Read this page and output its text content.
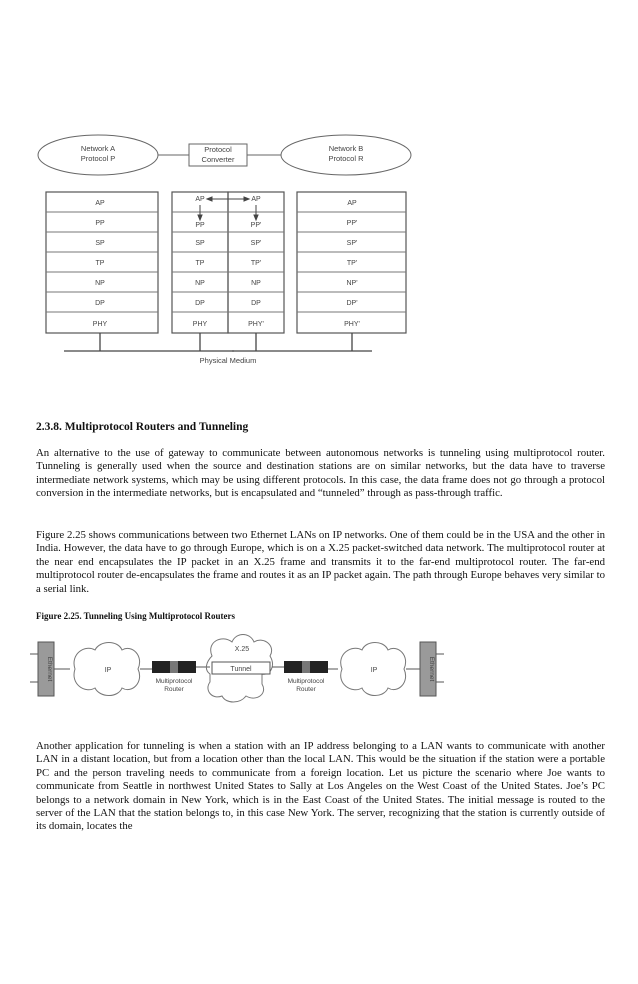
Network A
Protocol P
Protocol
Converter
Network B
Protocol R
AP
PP
SP
TP
NP
DP
PHY
AP
PP
SP
TP
NP
DP
PHY
AP
PP'
SP'
TP'
NP
DP
PHY'
AP
PP'
SP'
TP'
NP'
DP'
PHY'
Physical Medium
2.3.8. Multiprotocol Routers and Tunneling

An alternative to the use of gateway to communicate between autonomous networks is tunneling using multiprotocol router. Tunneling is generally used when the source and destination stations are on similar networks, but the data have to traverse intermediate network systems, which may be using different protocols. In this case, the data frame does not go through a protocol conversion in the intermediate networks, but is encapsulated and “tunneled” through as pass-through traffic.

Figure 2.25 shows communications between two Ethernet LANs on IP networks. One of them could be in the USA and the other in India. However, the data have to go through Europe, which is on a X.25 packet-switched data network. The multiprotocol router at the near end encapsulates the IP packet in an X.25 frame and transmits it to the far-end multiprotocol router. The far-end multiprotocol router de-encapsulates the frame and routes it as an IP packet again. The path through Europe behaves very similar to a serial link.

Figure 2.25. Tunneling Using Multiprotocol Routers
Ethernet	IP
Multiprotocol
Router
X.25
Tunnel
Multiprotocol
Router
IP	Ethernet

Another application for tunneling is when a station with an IP address belonging to a LAN wants to communicate with another LAN in a distant location, but from a location other than the local LAN. This would be the situation if the station were a portable PC and the person traveling needs to communicate from a foreign location. Let us picture the scenario where Joe wants to communicate from Seattle in northwest United States to Sally at Los Angeles on the West Coast of the United States. Joe’s PC belongs to a network domain in New York, which is in the East Coast of the United States. The initial message is routed to the server of the LAN that the station belongs to, in this case New York. The server, recognizing that the station is currently outside of its domain, locates the
